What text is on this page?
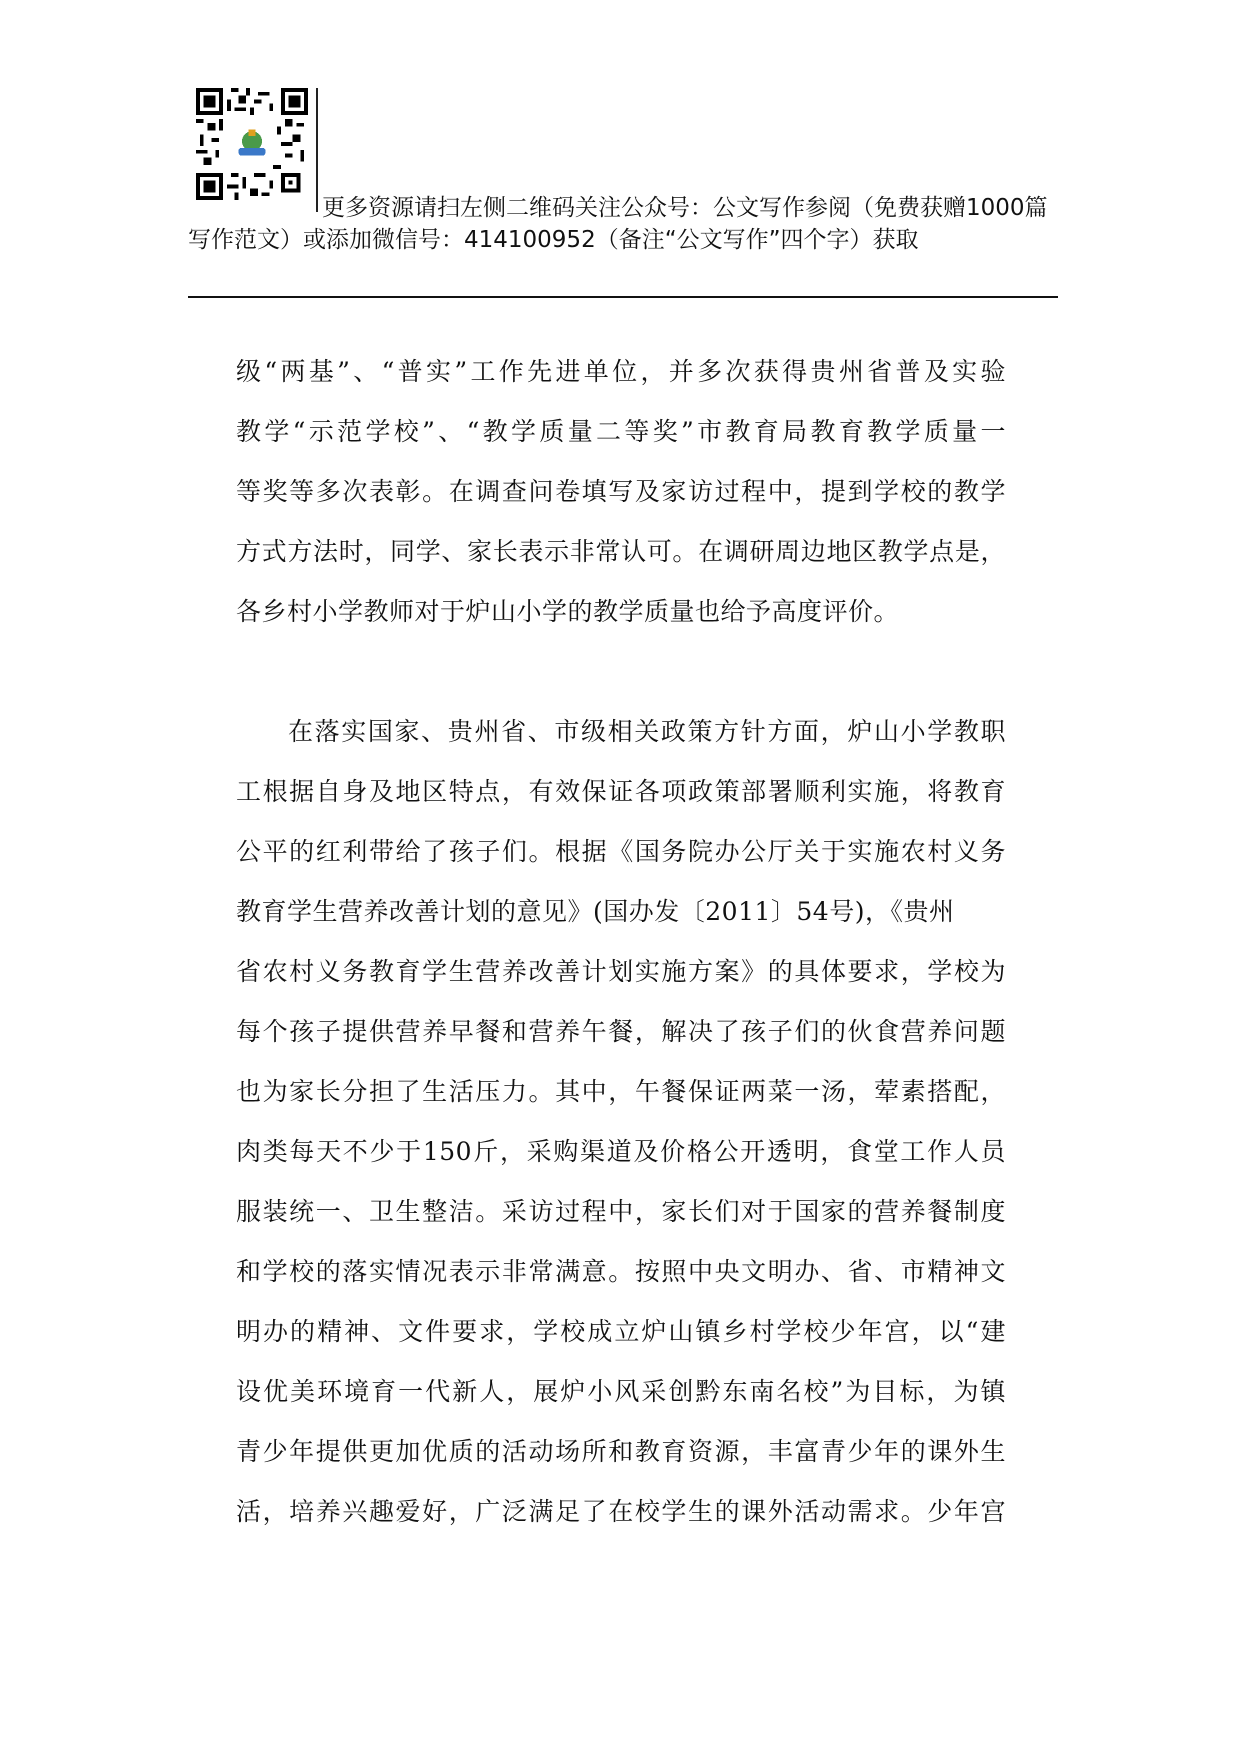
更多资源请扫左侧二维码关注公众号：公文写作参阅（免费获赠1000篇写作范文）或添加微信号：414100952（备注“公文写作”四个字）获取
级“两基”、“普实”工作先进单位，并多次获得贵州省普及实验
教学“示范学校”、“教学质量二等奖”市教育局教育教学质量一
等奖等多次表彰。在调查问卷填写及家访过程中，提到学校的教学
方式方法时，同学、家长表示非常认可。在调研周边地区教学点是，
各乡村小学教师对于炉山小学的教学质量也给予高度评价。
在落实国家、贵州省、市级相关政策方针方面，炉山小学教职
工根据自身及地区特点，有效保证各项政策部署顺利实施，将教育
公平的红利带给了孩子们。根据《国务院办公厅关于实施农村义务
教育学生营养改善计划的意见》(国办发〔2011〕54号)，《贵州
省农村义务教育学生营养改善计划实施方案》的具体要求，学校为
每个孩子提供营养早餐和营养午餐，解决了孩子们的伙食营养问题
也为家长分担了生活压力。其中，午餐保证两菜一汤，荤素搭配，
肉类每天不少于150斤，采购渠道及价格公开透明，食堂工作人员
服装统一、卫生整洁。采访过程中，家长们对于国家的营养餐制度
和学校的落实情况表示非常满意。按照中央文明办、省、市精神文
明办的精神、文件要求，学校成立炉山镇乡村学校少年宫，以“建
设优美环境育一代新人，展炉小风采创黔东南名校”为目标，为镇
青少年提供更加优质的活动场所和教育资源，丰富青少年的课外生
活，培养兴趣爱好，广泛满足了在校学生的课外活动需求。少年宫
